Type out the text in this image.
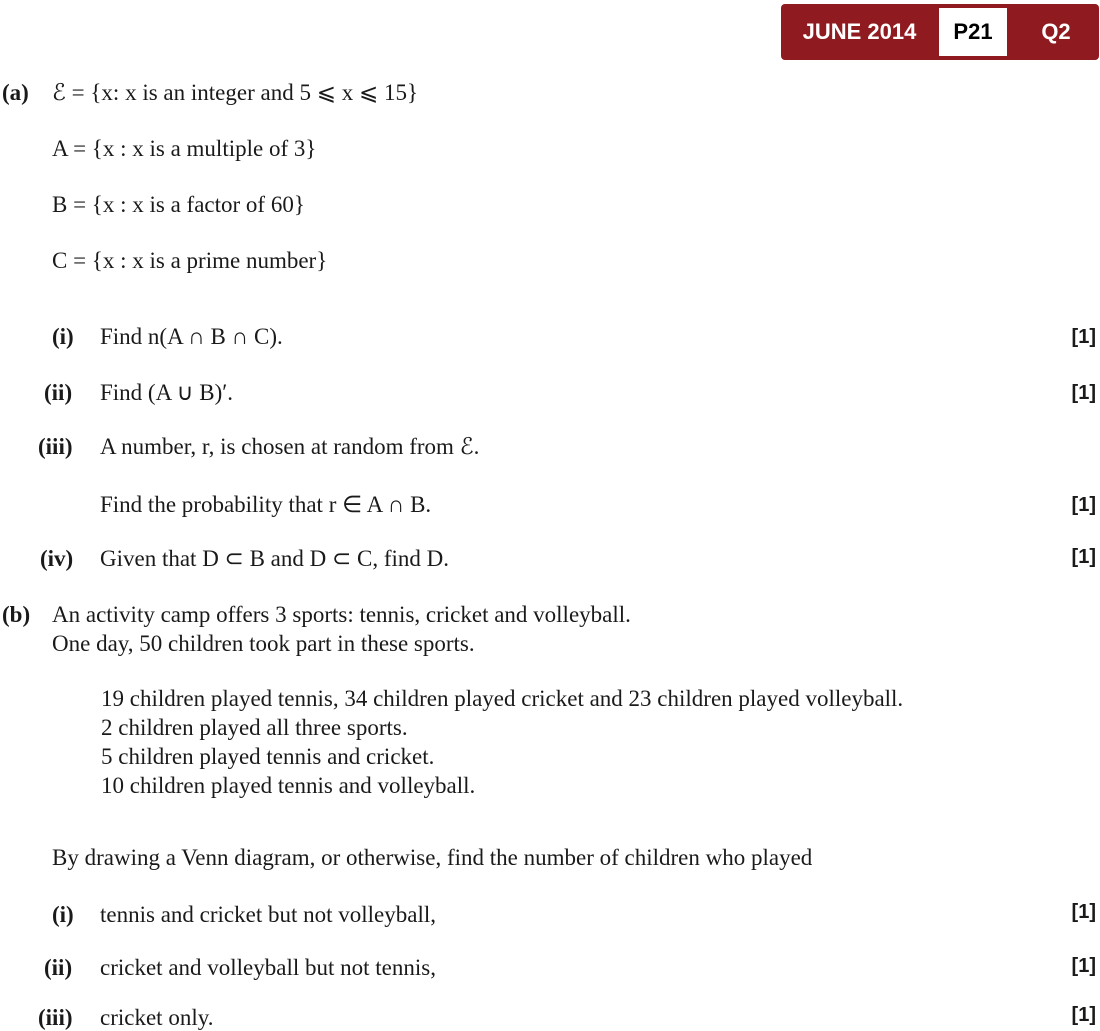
JUNE 2014	P21	Q2
(a) ℰ = {x: x is an integer and 5 ⩽ x ⩽ 15}
A = {x : x is a multiple of 3}
B = {x : x is a factor of 60}
C = {x : x is a prime number}
(i) Find n(A ∩ B ∩ C).	[1]
(ii) Find (A ∪ B)′.	[1]
(iii) A number, r, is chosen at random from ℰ.
Find the probability that r ∈ A ∩ B.	[1]
(iv) Given that D ⊂ B and D ⊂ C, find D.	[1]
(b) An activity camp offers 3 sports: tennis, cricket and volleyball.
One day, 50 children took part in these sports.
19 children played tennis, 34 children played cricket and 23 children played volleyball.
2 children played all three sports.
5 children played tennis and cricket.
10 children played tennis and volleyball.
By drawing a Venn diagram, or otherwise, find the number of children who played
(i) tennis and cricket but not volleyball,	[1]
(ii) cricket and volleyball but not tennis,	[1]
(iii) cricket only.	[1]
